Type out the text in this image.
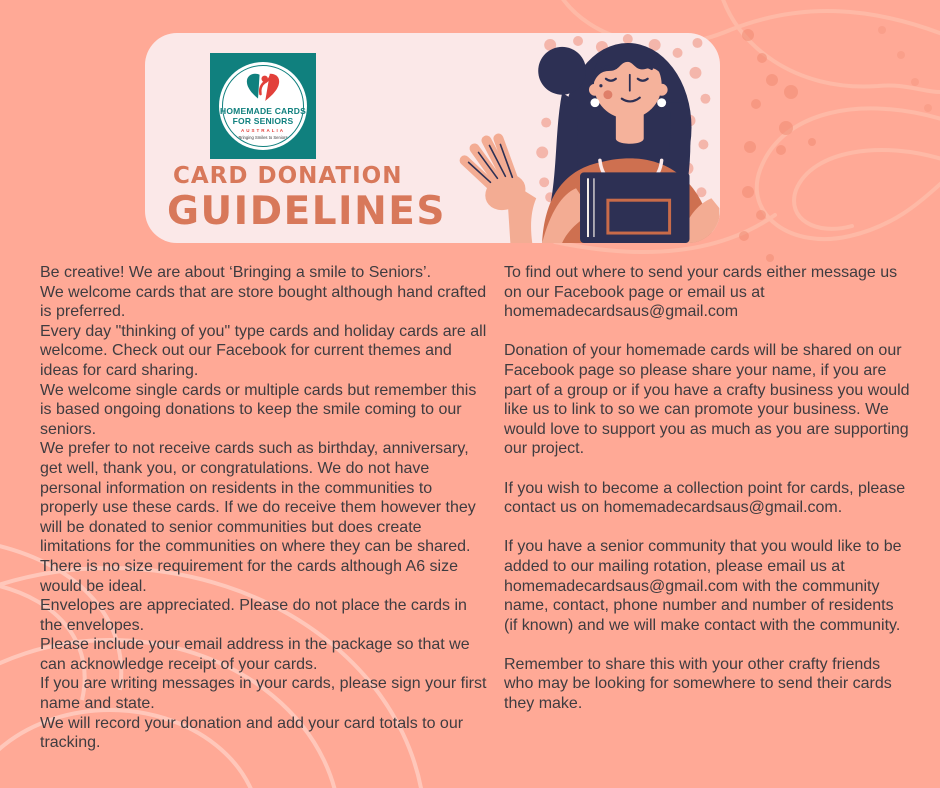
HOMEMADE CARDS
FOR SENIORS
AUSTRALIA
Bringing Smiles to Seniors
CARD DONATION
GUIDELINES

Be creative! We are about ‘Bringing a smile to Seniors’.

We welcome cards that are store bought although hand crafted is preferred.

Every day "thinking of you" type cards and holiday cards are all welcome. Check out our Facebook for current themes and ideas for card sharing.

We welcome single cards or multiple cards but remember this is based ongoing donations to keep the smile coming to our seniors.

We prefer to not receive cards such as birthday, anniversary, get well, thank you, or congratulations. We do not have personal information on residents in the communities to properly use these cards. If we do receive them however they will be donated to senior communities but does create limitations for the communities on where they can be shared.

There is no size requirement for the cards although A6 size would be ideal.

Envelopes are appreciated. Please do not place the cards in the envelopes.

Please include your email address in the package so that we can acknowledge receipt of your cards.

If you are writing messages in your cards, please sign your first name and state.

We will record your donation and add your card totals to our tracking.

To find out where to send your cards either message us on our Facebook page or email us at homemadecardsaus@gmail.com

Donation of your homemade cards will be shared on our Facebook page so please share your name, if you are part of a group or if you have a crafty business you would like us to link to so we can promote your business. We would love to support you as much as you are supporting our project.

If you wish to become a collection point for cards, please contact us on homemadecardsaus@gmail.com.

If you have a senior community that you would like to be added to our mailing rotation, please email us at homemadecardsaus@gmail.com with the community name, contact, phone number and number of residents (if known) and we will make contact with the community.

Remember to share this with your other crafty friends who may be looking for somewhere to send their cards they make.
